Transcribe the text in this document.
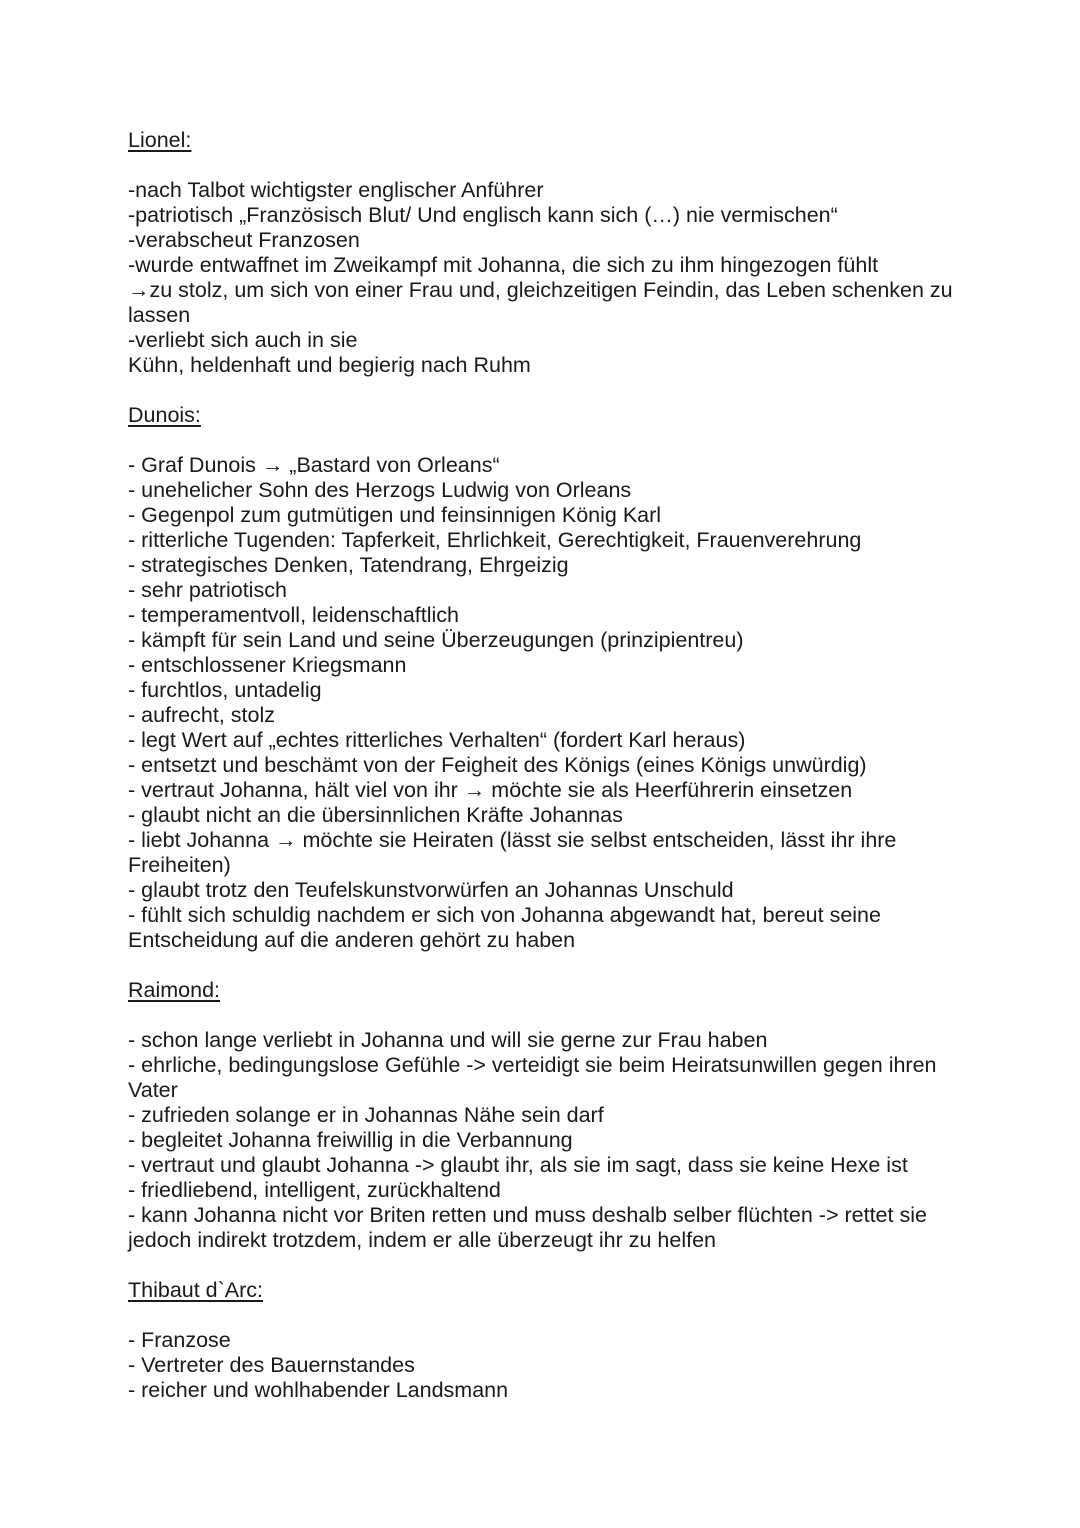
Lionel:

-nach Talbot wichtigster englischer Anführer

-patriotisch „Französisch Blut/ Und englisch kann sich (…) nie vermischen“

-verabscheut Franzosen

-wurde entwaffnet im Zweikampf mit Johanna, die sich zu ihm hingezogen fühlt

→zu stolz, um sich von einer Frau und, gleichzeitigen Feindin, das Leben schenken zu lassen

-verliebt sich auch in sie

Kühn, heldenhaft und begierig nach Ruhm

Dunois:

- Graf Dunois → „Bastard von Orleans“

- unehelicher Sohn des Herzogs Ludwig von Orleans

- Gegenpol zum gutmütigen und feinsinnigen König Karl

- ritterliche Tugenden: Tapferkeit, Ehrlichkeit, Gerechtigkeit, Frauenverehrung

- strategisches Denken, Tatendrang, Ehrgeizig

- sehr patriotisch

- temperamentvoll, leidenschaftlich

- kämpft für sein Land und seine Überzeugungen (prinzipientreu)

- entschlossener Kriegsmann

- furchtlos, untadelig

- aufrecht, stolz

- legt Wert auf „echtes ritterliches Verhalten“ (fordert Karl heraus)

- entsetzt und beschämt von der Feigheit des Königs (eines Königs unwürdig)

- vertraut Johanna, hält viel von ihr → möchte sie als Heerführerin einsetzen

- glaubt nicht an die übersinnlichen Kräfte Johannas

- liebt Johanna → möchte sie Heiraten (lässt sie selbst entscheiden, lässt ihr ihre Freiheiten)

- glaubt trotz den Teufelskunstvorwürfen an Johannas Unschuld

- fühlt sich schuldig nachdem er sich von Johanna abgewandt hat, bereut seine Entscheidung auf die anderen gehört zu haben

Raimond:

- schon lange verliebt in Johanna und will sie gerne zur Frau haben

- ehrliche, bedingungslose Gefühle -> verteidigt sie beim Heiratsunwillen gegen ihren Vater

- zufrieden solange er in Johannas Nähe sein darf

- begleitet Johanna freiwillig in die Verbannung

- vertraut und glaubt Johanna -> glaubt ihr, als sie im sagt, dass sie keine Hexe ist

- friedliebend, intelligent, zurückhaltend

- kann Johanna nicht vor Briten retten und muss deshalb selber flüchten -> rettet sie jedoch indirekt trotzdem, indem er alle überzeugt ihr zu helfen

Thibaut d`Arc:

- Franzose

- Vertreter des Bauernstandes

- reicher und wohlhabender Landsmann
